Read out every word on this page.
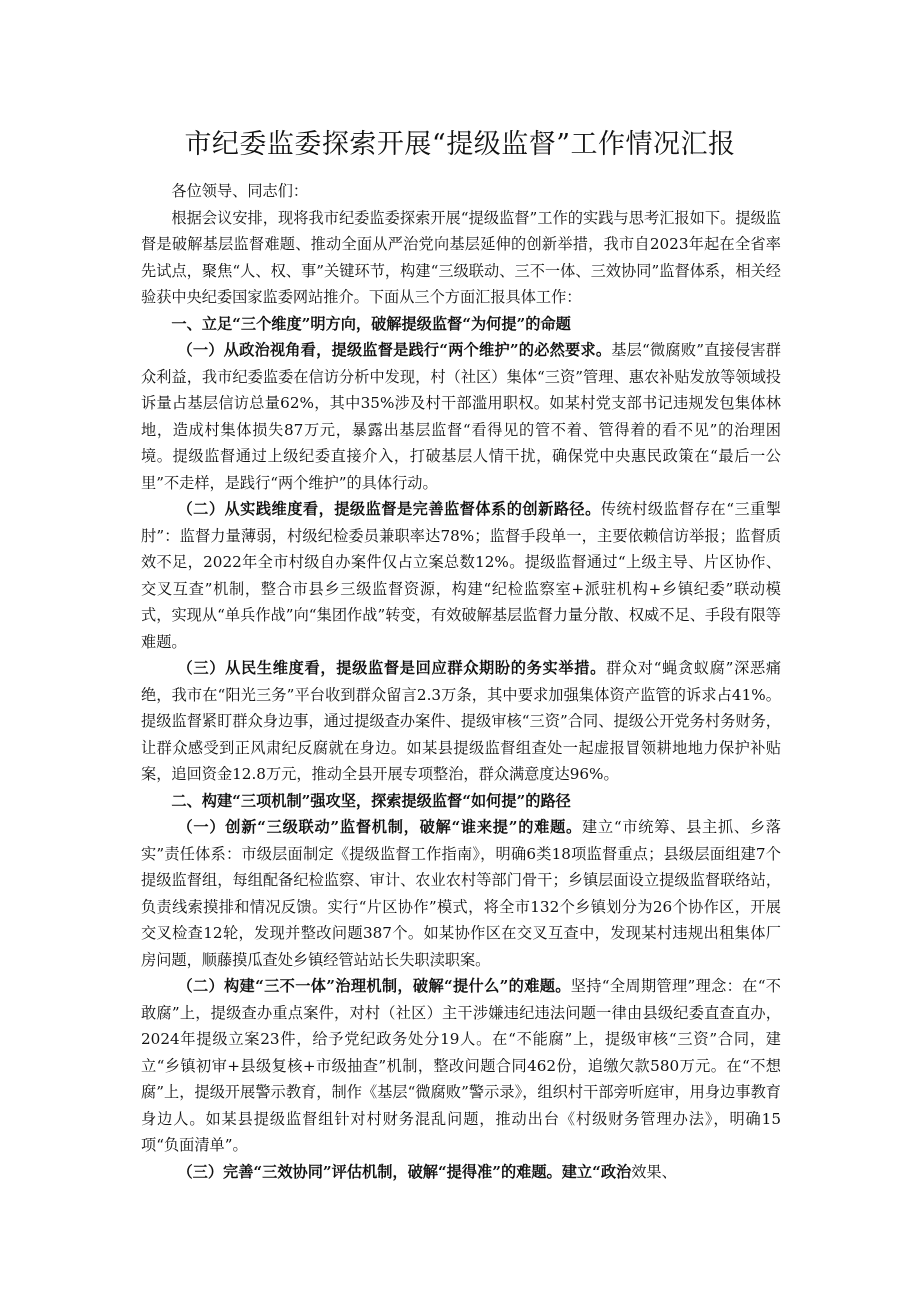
市纪委监委探索开展“提级监督”工作情况汇报

各位领导、同志们：

根据会议安排，现将我市纪委监委探索开展“提级监督”工作的实践与思考汇报如下。提级监督是破解基层监督难题、推动全面从严治党向基层延伸的创新举措，我市自2023年起在全省率先试点，聚焦“人、权、事”关键环节，构建“三级联动、三不一体、三效协同”监督体系，相关经验获中央纪委国家监委网站推介。下面从三个方面汇报具体工作：

一、立足“三个维度”明方向，破解提级监督“为何提”的命题

（一）从政治视角看，提级监督是践行“两个维护”的必然要求。基层“微腐败”直接侵害群众利益，我市纪委监委在信访分析中发现，村（社区）集体“三资”管理、惠农补贴发放等领域投诉量占基层信访总量62%，其中35%涉及村干部滥用职权。如某村党支部书记违规发包集体林地，造成村集体损失87万元，暴露出基层监督“看得见的管不着、管得着的看不见”的治理困境。提级监督通过上级纪委直接介入，打破基层人情干扰，确保党中央惠民政策在“最后一公里”不走样，是践行“两个维护”的具体行动。

（二）从实践维度看，提级监督是完善监督体系的创新路径。传统村级监督存在“三重掣肘”：监督力量薄弱，村级纪检委员兼职率达78%；监督手段单一，主要依赖信访举报；监督质效不足，2022年全市村级自办案件仅占立案总数12%。提级监督通过“上级主导、片区协作、交叉互查”机制，整合市县乡三级监督资源，构建“纪检监察室+派驻机构+乡镇纪委”联动模式，实现从“单兵作战”向“集团作战”转变，有效破解基层监督力量分散、权威不足、手段有限等难题。

（三）从民生维度看，提级监督是回应群众期盼的务实举措。群众对“蝇贪蚁腐”深恶痛绝，我市在“阳光三务”平台收到群众留言2.3万条，其中要求加强集体资产监管的诉求占41%。提级监督紧盯群众身边事，通过提级查办案件、提级审核“三资”合同、提级公开党务村务财务，让群众感受到正风肃纪反腐就在身边。如某县提级监督组查处一起虚报冒领耕地地力保护补贴案，追回资金12.8万元，推动全县开展专项整治，群众满意度达96%。

二、构建“三项机制”强攻坚，探索提级监督“如何提”的路径

（一）创新“三级联动”监督机制，破解“谁来提”的难题。建立“市统筹、县主抓、乡落实”责任体系：市级层面制定《提级监督工作指南》，明确6类18项监督重点；县级层面组建7个提级监督组，每组配备纪检监察、审计、农业农村等部门骨干；乡镇层面设立提级监督联络站，负责线索摸排和情况反馈。实行“片区协作”模式，将全市132个乡镇划分为26个协作区，开展交叉检查12轮，发现并整改问题387个。如某协作区在交叉互查中，发现某村违规出租集体厂房问题，顺藤摸瓜查处乡镇经管站站长失职渎职案。

（二）构建“三不一体”治理机制，破解“提什么”的难题。坚持“全周期管理”理念：在“不敢腐”上，提级查办重点案件，对村（社区）主干涉嫌违纪违法问题一律由县级纪委直查直办，2024年提级立案23件，给予党纪政务处分19人。在“不能腐”上，提级审核“三资”合同，建立“乡镇初审+县级复核+市级抽查”机制，整改问题合同462份，追缴欠款580万元。在“不想腐”上，提级开展警示教育，制作《基层“微腐败”警示录》，组织村干部旁听庭审，用身边事教育身边人。如某县提级监督组针对村财务混乱问题，推动出台《村级财务管理办法》，明确15项“负面清单”。

（三）完善“三效协同”评估机制，破解“提得准”的难题。建立“政治效果、
